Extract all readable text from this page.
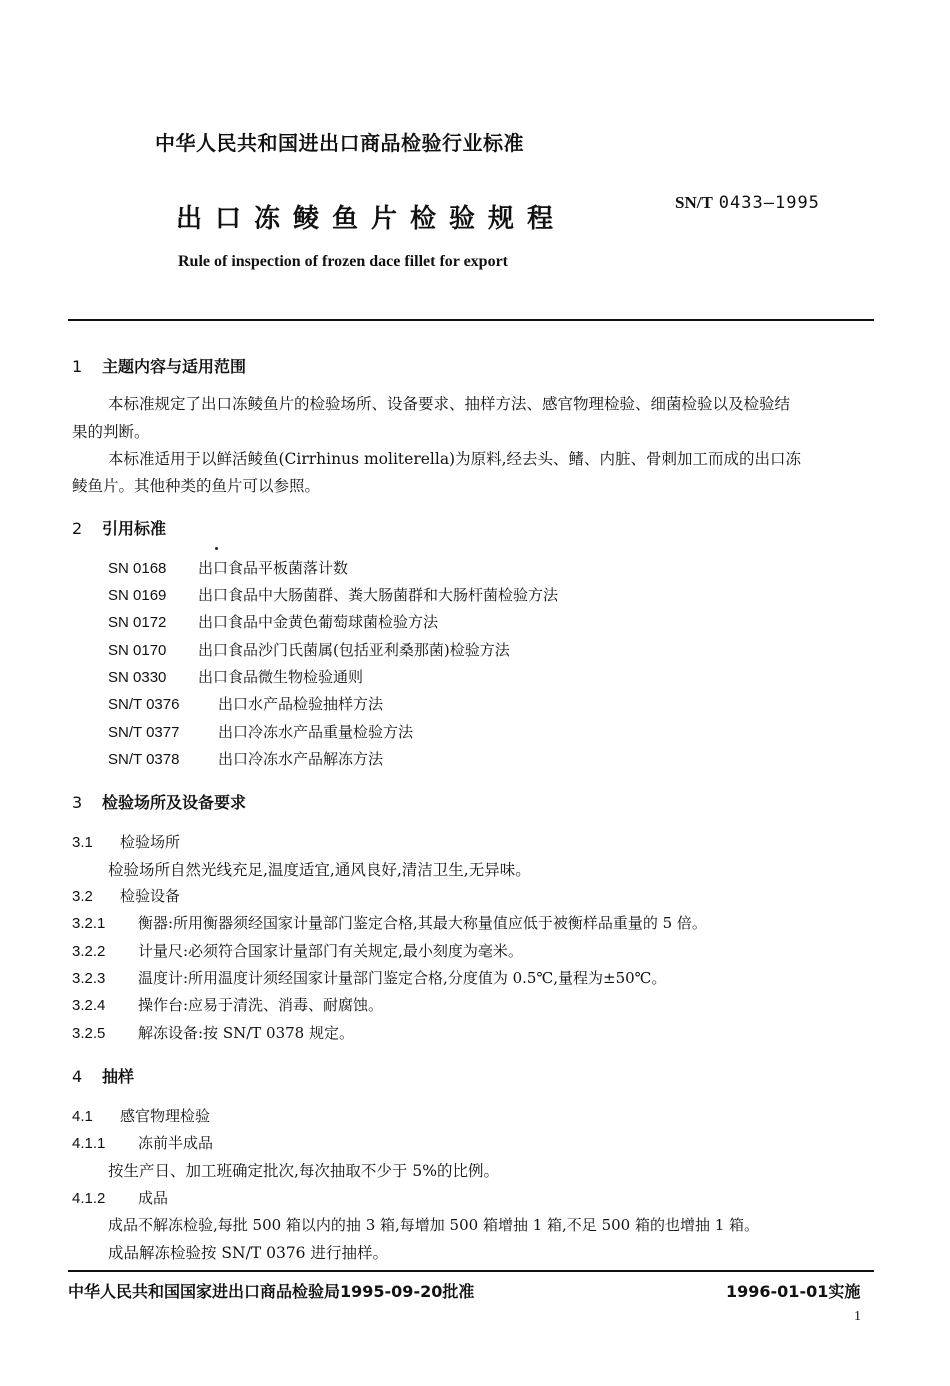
中华人民共和国进出口商品检验行业标准
出口冻鲮鱼片检验规程
SN/T 0433—1995
Rule of inspection of frozen dace fillet for export
1 主题内容与适用范围
本标准规定了出口冻鲮鱼片的检验场所、设备要求、抽样方法、感官物理检验、细菌检验以及检验结
果的判断。
本标准适用于以鲜活鲮鱼(Cirrhinus moliterella)为原料,经去头、鳍、内脏、骨刺加工而成的出口冻
鲮鱼片。其他种类的鱼片可以参照。
2 引用标准
SN 0168 出口食品平板菌落计数
SN 0169 出口食品中大肠菌群、粪大肠菌群和大肠杆菌检验方法
SN 0172 出口食品中金黄色葡萄球菌检验方法
SN 0170 出口食品沙门氏菌属(包括亚利桑那菌)检验方法
SN 0330 出口食品微生物检验通则
SN/T 0376	出口水产品检验抽样方法
SN/T 0377	出口冷冻水产品重量检验方法
SN/T 0378	出口冷冻水产品解冻方法
3 检验场所及设备要求
3.1 检验场所
检验场所自然光线充足,温度适宜,通风良好,清洁卫生,无异味。
3.2 检验设备
3.2.1 衡器:所用衡器须经国家计量部门鉴定合格,其最大称量值应低于被衡样品重量的 5 倍。
3.2.2 计量尺:必须符合国家计量部门有关规定,最小刻度为毫米。
3.2.3 温度计:所用温度计须经国家计量部门鉴定合格,分度值为 0.5℃,量程为±50℃。
3.2.4 操作台:应易于清洗、消毒、耐腐蚀。
3.2.5 解冻设备:按 SN/T 0378 规定。
4 抽样
4.1 感官物理检验
4.1.1 冻前半成品
按生产日、加工班确定批次,每次抽取不少于 5%的比例。
4.1.2 成品
成品不解冻检验,每批 500 箱以内的抽 3 箱,每增加 500 箱增抽 1 箱,不足 500 箱的也增抽 1 箱。
成品解冻检验按 SN/T 0376 进行抽样。
中华人民共和国国家进出口商品检验局1995-09-20批准	1996-01-01实施
1
